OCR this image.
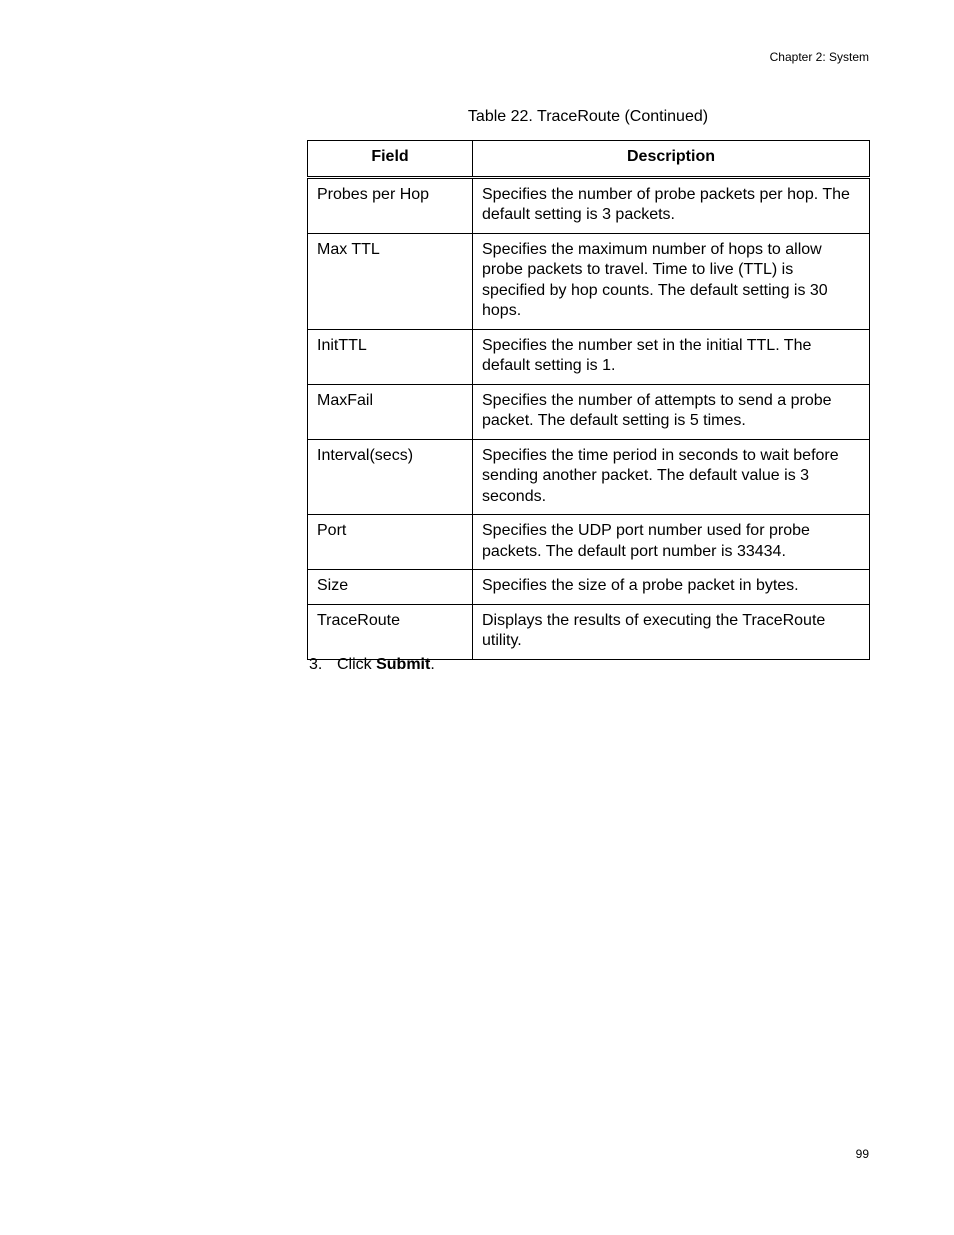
Chapter 2: System
Table 22. TraceRoute (Continued)
Field	Description
Probes per Hop	Specifies the number of probe packets per hop. The default setting is 3 packets.
Max TTL	Specifies the maximum number of hops to allow probe packets to travel. Time to live (TTL) is specified by hop counts. The default setting is 30 hops.
InitTTL	Specifies the number set in the initial TTL. The default setting is 1.
MaxFail	Specifies the number of attempts to send a probe packet. The default setting is 5 times.
Interval(secs)	Specifies the time period in seconds to wait before sending another packet. The default value is 3 seconds.
Port	Specifies the UDP port number used for probe packets. The default port number is 33434.
Size	Specifies the size of a probe packet in bytes.
TraceRoute	Displays the results of executing the TraceRoute utility.
3. Click Submit.
99
